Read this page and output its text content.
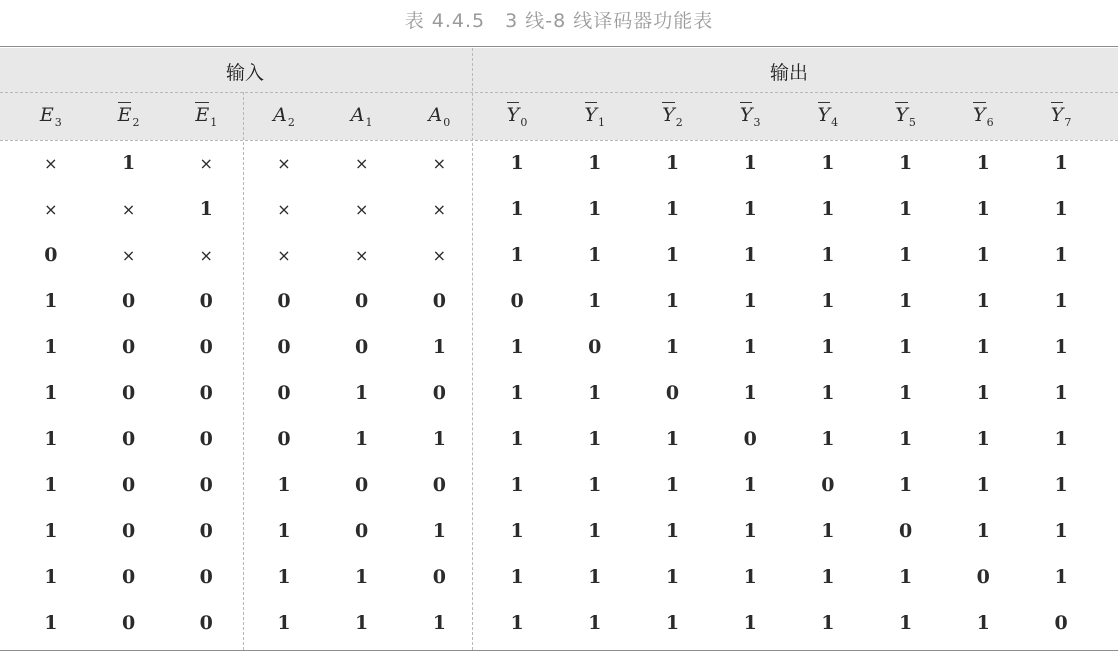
表 4.4.5　3 线-8 线译码器功能表
输入	输出
$E_3$	$E_2$	$E_1$	$A_2$	$A_1$	$A_0$	$Y_0$	$Y_1$	$Y_2$	$Y_3$	$Y_4$	$Y_5$	$Y_6$	$Y_7$
×	1	×	×	×	×	1	1	1	1	1	1	1	1
×	×	1	×	×	×	1	1	1	1	1	1	1	1
0	×	×	×	×	×	1	1	1	1	1	1	1	1
1	0	0	0	0	0	0	1	1	1	1	1	1	1
1	0	0	0	0	1	1	0	1	1	1	1	1	1
1	0	0	0	1	0	1	1	0	1	1	1	1	1
1	0	0	0	1	1	1	1	1	0	1	1	1	1
1	0	0	1	0	0	1	1	1	1	0	1	1	1
1	0	0	1	0	1	1	1	1	1	1	0	1	1
1	0	0	1	1	0	1	1	1	1	1	1	0	1
1	0	0	1	1	1	1	1	1	1	1	1	1	0
